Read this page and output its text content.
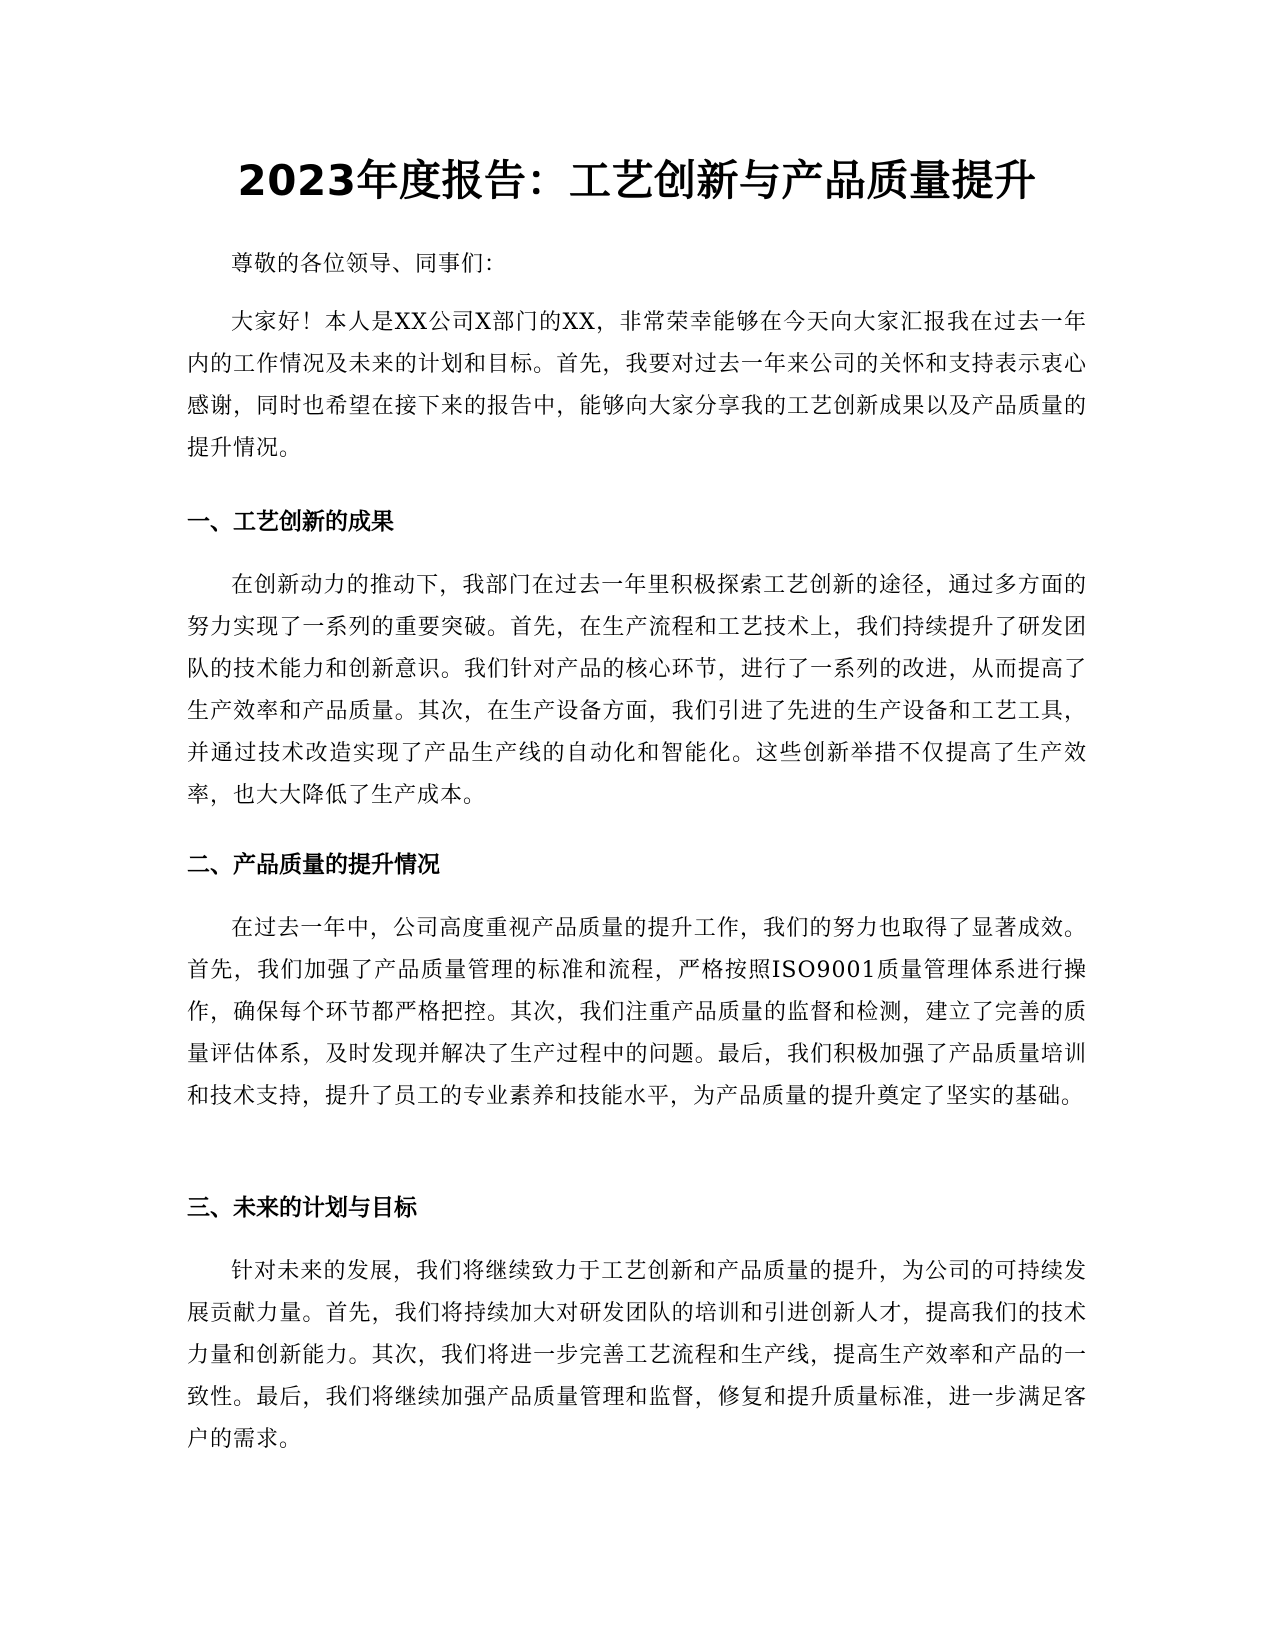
2023年度报告：工艺创新与产品质量提升

尊敬的各位领导、同事们：

大家好！本人是XX公司X部门的XX，非常荣幸能够在今天向大家汇报我在过去一年内的工作情况及未来的计划和目标。首先，我要对过去一年来公司的关怀和支持表示衷心感谢，同时也希望在接下来的报告中，能够向大家分享我的工艺创新成果以及产品质量的提升情况。

一、工艺创新的成果

在创新动力的推动下，我部门在过去一年里积极探索工艺创新的途径，通过多方面的努力实现了一系列的重要突破。首先，在生产流程和工艺技术上，我们持续提升了研发团队的技术能力和创新意识。我们针对产品的核心环节，进行了一系列的改进，从而提高了生产效率和产品质量。其次，在生产设备方面，我们引进了先进的生产设备和工艺工具，并通过技术改造实现了产品生产线的自动化和智能化。这些创新举措不仅提高了生产效率，也大大降低了生产成本。

二、产品质量的提升情况

在过去一年中，公司高度重视产品质量的提升工作，我们的努力也取得了显著成效。首先，我们加强了产品质量管理的标准和流程，严格按照ISO9001质量管理体系进行操作，确保每个环节都严格把控。其次，我们注重产品质量的监督和检测，建立了完善的质量评估体系，及时发现并解决了生产过程中的问题。最后，我们积极加强了产品质量培训和技术支持，提升了员工的专业素养和技能水平，为产品质量的提升奠定了坚实的基础。

三、未来的计划与目标

针对未来的发展，我们将继续致力于工艺创新和产品质量的提升，为公司的可持续发展贡献力量。首先，我们将持续加大对研发团队的培训和引进创新人才，提高我们的技术力量和创新能力。其次，我们将进一步完善工艺流程和生产线，提高生产效率和产品的一致性。最后，我们将继续加强产品质量管理和监督，修复和提升质量标准，进一步满足客户的需求。
